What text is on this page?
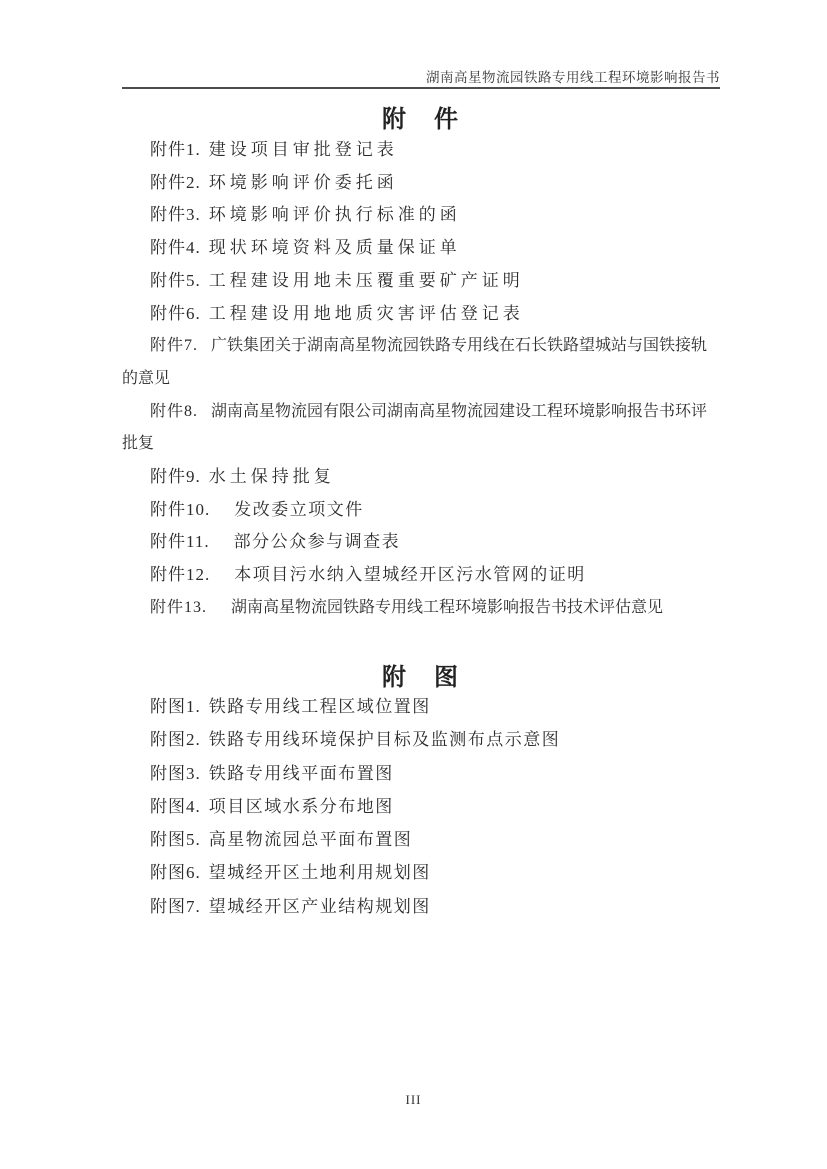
湖南高星物流园铁路专用线工程环境影响报告书
附　件

附件1. 建设项目审批登记表

附件2. 环境影响评价委托函

附件3. 环境影响评价执行标准的函

附件4. 现状环境资料及质量保证单

附件5. 工程建设用地未压覆重要矿产证明

附件6. 工程建设用地地质灾害评估登记表

附件7. 广铁集团关于湖南高星物流园铁路专用线在石长铁路望城站与国铁接轨的意见

附件8. 湖南高星物流园有限公司湖南高星物流园建设工程环境影响报告书环评批复

附件9. 水土保持批复

附件10. 发改委立项文件

附件11. 部分公众参与调查表

附件12. 本项目污水纳入望城经开区污水管网的证明

附件13. 湖南高星物流园铁路专用线工程环境影响报告书技术评估意见

附　图

附图1. 铁路专用线工程区域位置图

附图2. 铁路专用线环境保护目标及监测布点示意图

附图3. 铁路专用线平面布置图

附图4. 项目区域水系分布地图

附图5. 高星物流园总平面布置图

附图6. 望城经开区土地利用规划图

附图7. 望城经开区产业结构规划图

III
